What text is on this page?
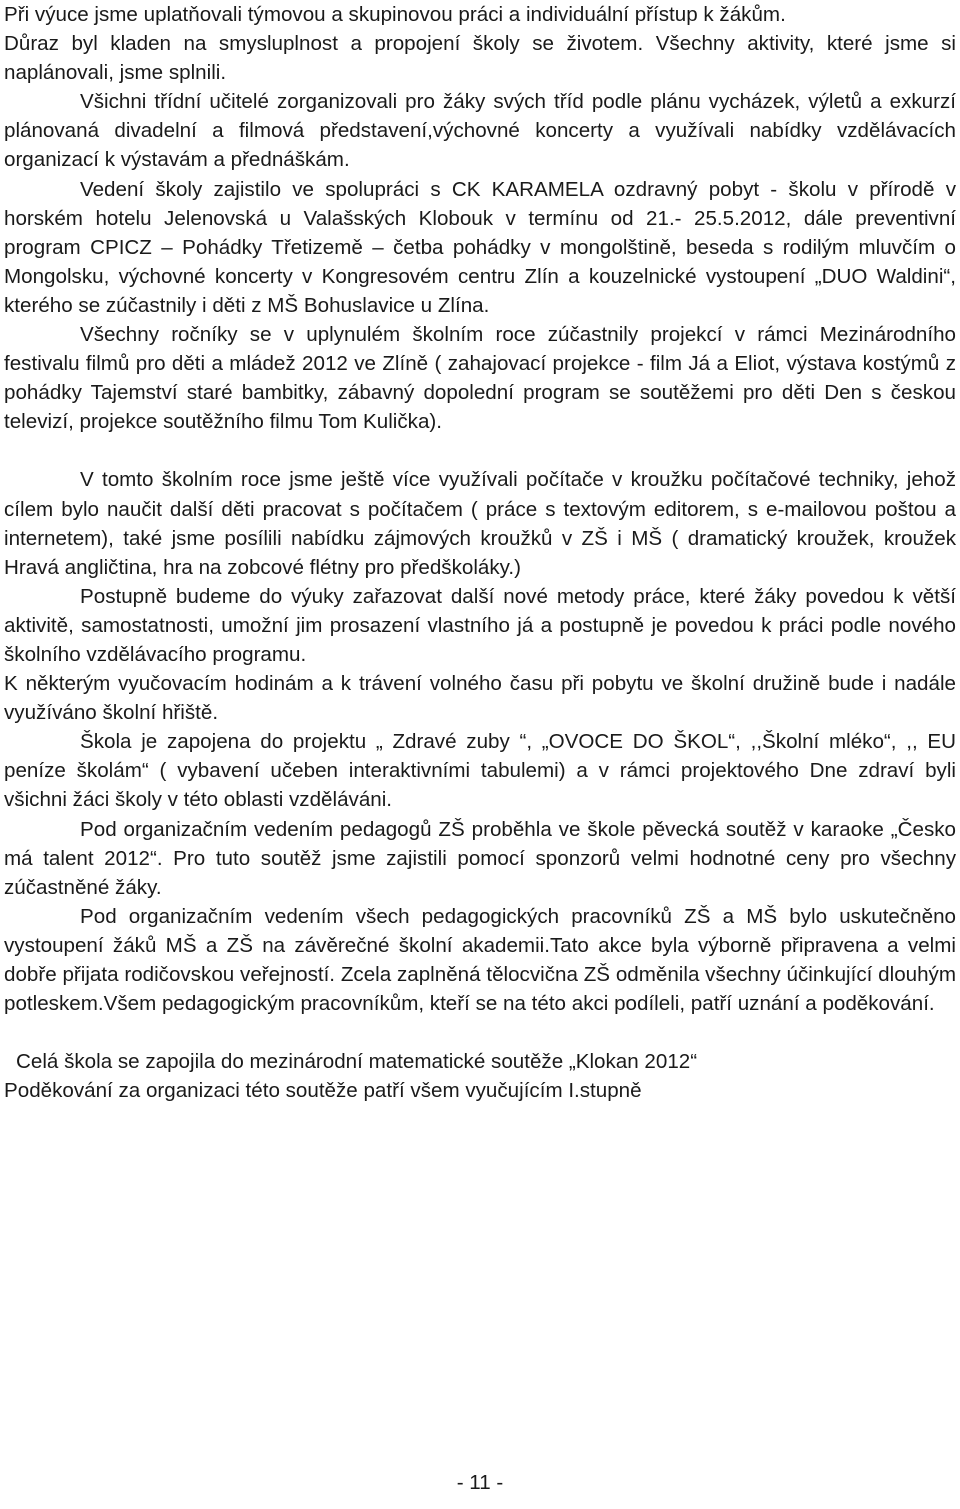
Při výuce jsme uplatňovali týmovou a skupinovou práci a individuální přístup k žákům.

Důraz byl kladen na smysluplnost a propojení školy se životem. Všechny aktivity, které jsme si naplánovali, jsme splnili.

Všichni třídní učitelé zorganizovali pro žáky svých tříd podle plánu vycházek, výletů a exkurzí plánovaná divadelní a filmová představení,výchovné koncerty a využívali nabídky vzdělávacích organizací k výstavám a přednáškám.

Vedení školy zajistilo ve spolupráci s CK KARAMELA ozdravný pobyt - školu v přírodě v horském hotelu Jelenovská u Valašských Klobouk v termínu od 21.- 25.5.2012, dále preventivní program CPICZ – Pohádky Třetizemě – četba pohádky v mongolštině, beseda s rodilým mluvčím o Mongolsku, výchovné koncerty v Kongresovém centru Zlín a kouzelnické vystoupení „DUO Waldini“, kterého se zúčastnily i děti z MŠ Bohuslavice u Zlína.

Všechny ročníky se v uplynulém školním roce zúčastnily projekcí v rámci Mezinárodního festivalu filmů pro děti a mládež 2012 ve Zlíně ( zahajovací projekce - film Já a Eliot, výstava kostýmů z pohádky Tajemství staré bambitky, zábavný dopolední program se soutěžemi pro děti Den s českou televizí, projekce soutěžního filmu Tom Kulička).

V tomto školním roce jsme ještě více využívali počítače v kroužku počítačové techniky, jehož cílem bylo naučit další děti pracovat s počítačem ( práce s textovým editorem, s e-mailovou poštou a internetem), také jsme posílili nabídku zájmových kroužků v ZŠ i MŠ ( dramatický kroužek, kroužek Hravá angličtina, hra na zobcové flétny pro předškoláky.)

Postupně budeme do výuky zařazovat další nové metody práce, které žáky povedou k větší aktivitě, samostatnosti, umožní jim prosazení vlastního já a postupně je povedou k práci podle nového školního vzdělávacího programu.

K některým vyučovacím hodinám a k trávení volného času při pobytu ve školní družině bude i nadále využíváno školní hřiště.

Škola je zapojena do projektu „ Zdravé zuby “, „OVOCE DO ŠKOL“, ,,Školní mléko“, ,, EU peníze školám“ ( vybavení učeben interaktivními tabulemi) a v rámci projektového Dne zdraví byli všichni žáci školy v této oblasti vzděláváni.

Pod organizačním vedením pedagogů ZŠ proběhla ve škole pěvecká soutěž v karaoke „Česko má talent 2012“. Pro tuto soutěž jsme zajistili pomocí sponzorů velmi hodnotné ceny pro všechny zúčastněné žáky.

Pod organizačním vedením všech pedagogických pracovníků ZŠ a MŠ bylo uskutečněno vystoupení žáků MŠ a ZŠ na závěrečné školní akademii.Tato akce byla výborně připravena a velmi dobře přijata rodičovskou veřejností. Zcela zaplněná tělocvična ZŠ odměnila všechny účinkující dlouhým potleskem.Všem pedagogickým pracovníkům, kteří se na této akci podíleli, patří uznání a poděkování.

Celá škola se zapojila do mezinárodní matematické soutěže „Klokan 2012“

Poděkování za organizaci této soutěže patří všem vyučujícím I.stupně

- 11 -
